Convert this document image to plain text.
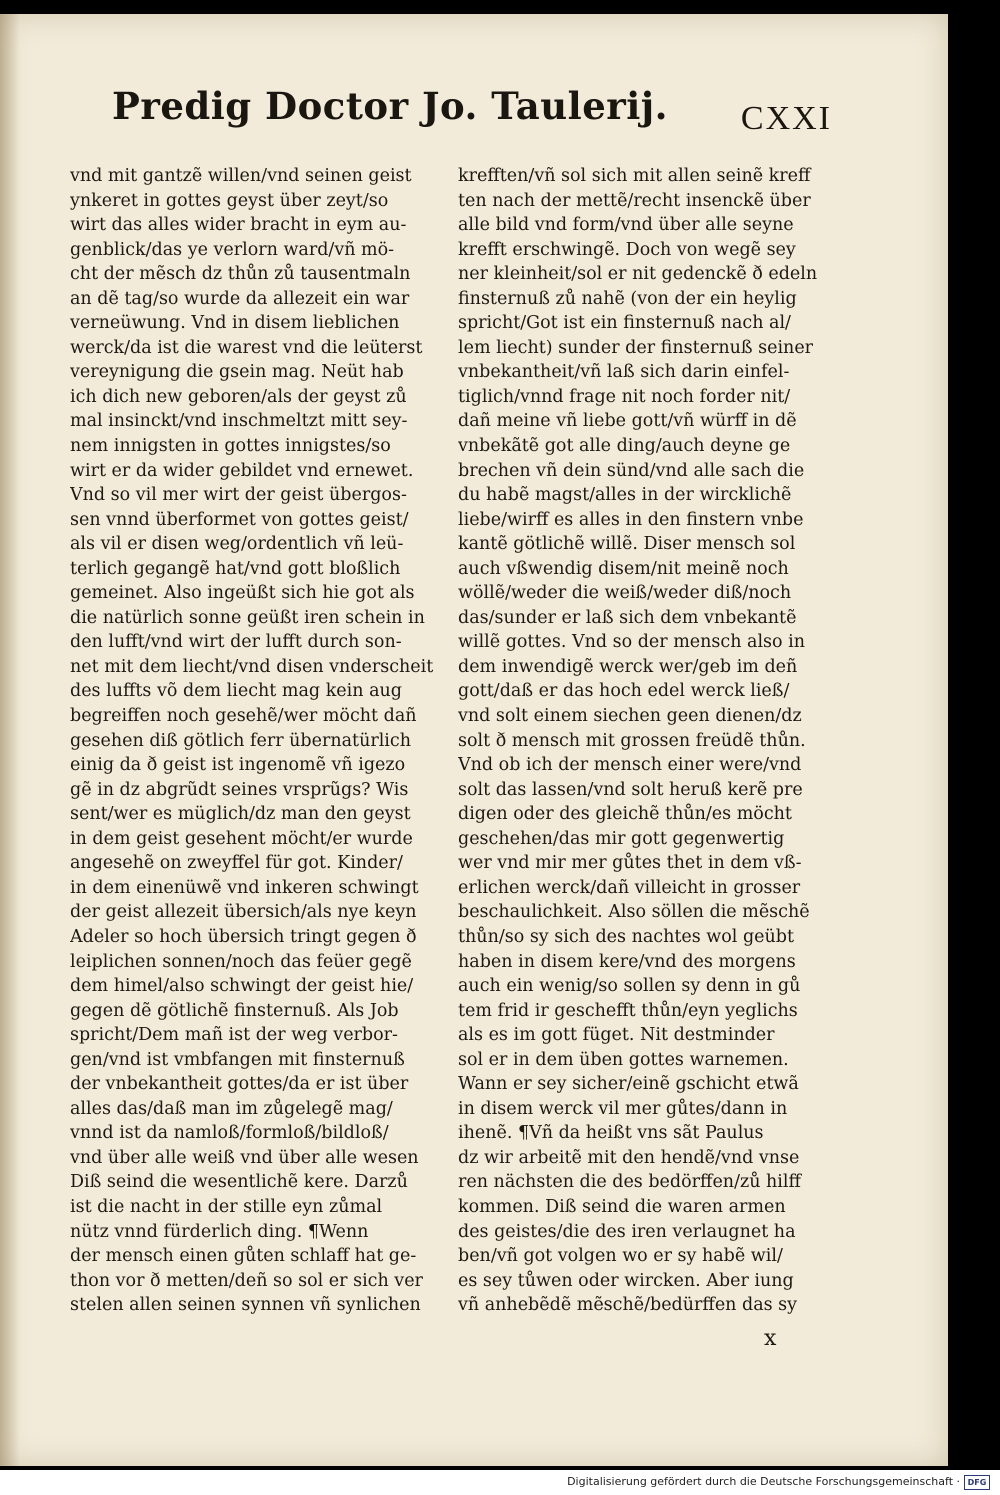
Predig Doctor Jo. Taulerij. CXXI
vnd mit gantzẽ willen/vnd seinen geist
ynkeret in gottes geyst über zeyt/so
wirt das alles wider bracht in eym au-
genblick/das ye verlorn ward/vñ mö-
cht der mẽsch dz thůn zů tausentmaln
an dẽ tag/so wurde da allezeit ein war
verneüwung. Vnd in disem lieblichen
werck/da ist die warest vnd die leüterst
vereynigung die gsein mag. Neüt hab
ich dich new geboren/als der geyst zů
mal insinckt/vnd inschmeltzt mitt sey-
nem innigsten in gottes innigstes/so
wirt er da wider gebildet vnd ernewet.
Vnd so vil mer wirt der geist übergos-
sen vnnd überformet von gottes geist/
als vil er disen weg/ordentlich vñ leü-
terlich gegangẽ hat/vnd gott bloßlich
gemeinet. Also ingeüßt sich hie got als
die natürlich sonne geüßt iren schein in
den lufft/vnd wirt der lufft durch son-
net mit dem liecht/vnd disen vnderscheit
des luffts võ dem liecht mag kein aug
begreiffen noch gesehẽ/wer möcht dañ
gesehen diß götlich ferr übernatürlich
einig da ð geist ist ingenomẽ vñ igezo
gẽ in dz abgrũdt seines vrsprũgs? Wis
sent/wer es müglich/dz man den geyst
in dem geist gesehent möcht/er wurde
angesehẽ on zweyffel für got. Kinder/
in dem einenüwẽ vnd inkeren schwingt
der geist allezeit übersich/als nye keyn
Adeler so hoch übersich tringt gegen ð
leiplichen sonnen/noch das feüer gegẽ
dem himel/also schwingt der geist hie/
gegen dẽ götlichẽ finsternuß. Als Job
spricht/Dem mañ ist der weg verbor-
gen/vnd ist vmbfangen mit finsternuß
der vnbekantheit gottes/da er ist über
alles das/daß man im zůgelegẽ mag/
vnnd ist da namloß/formloß/bildloß/
vnd über alle weiß vnd über alle wesen
Diß seind die wesentlichẽ kere. Darzů
ist die nacht in der stille eyn zůmal
nütz vnnd fürderlich ding. ¶Wenn
der mensch einen gůten schlaff hat ge-
thon vor ð metten/deñ so sol er sich ver
stelen allen seinen synnen vñ synlichen
krefften/vñ sol sich mit allen seinẽ kreff
ten nach der mettẽ/recht insenckẽ über
alle bild vnd form/vnd über alle seyne
krefft erschwingẽ. Doch von wegẽ sey
ner kleinheit/sol er nit gedenckẽ ð edeln
finsternuß zů nahẽ (von der ein heylig
spricht/Got ist ein finsternuß nach al/
lem liecht) sunder der finsternuß seiner
vnbekantheit/vñ laß sich darin einfel-
tiglich/vnnd frage nit noch forder nit/
dañ meine vñ liebe gott/vñ würff in dẽ
vnbekãtẽ got alle ding/auch deyne ge
brechen vñ dein sünd/vnd alle sach die
du habẽ magst/alles in der wircklichẽ
liebe/wirff es alles in den finstern vnbe
kantẽ götlichẽ willẽ. Diser mensch sol
auch vßwendig disem/nit meinẽ noch
wöllẽ/weder die weiß/weder diß/noch
das/sunder er laß sich dem vnbekantẽ
willẽ gottes. Vnd so der mensch also in
dem inwendigẽ werck wer/geb im deñ
gott/daß er das hoch edel werck ließ/
vnd solt einem siechen geen dienen/dz
solt ð mensch mit grossen freüdẽ thůn.
Vnd ob ich der mensch einer were/vnd
solt das lassen/vnd solt heruß kerẽ pre
digen oder des gleichẽ thůn/es möcht
geschehen/das mir gott gegenwertig
wer vnd mir mer gůtes thet in dem vß-
erlichen werck/dañ villeicht in grosser
beschaulichkeit. Also söllen die mẽschẽ
thůn/so sy sich des nachtes wol geübt
haben in disem kere/vnd des morgens
auch ein wenig/so sollen sy denn in gů
tem frid ir geschefft thůn/eyn yeglichs
als es im gott füget. Nit destminder
sol er in dem üben gottes warnemen.
Wann er sey sicher/einẽ gschicht etwã
in disem werck vil mer gůtes/dann in
ihenẽ. ¶Vñ da heißt vns sãt Paulus
dz wir arbeitẽ mit den hendẽ/vnd vnse
ren nächsten die des bedörffen/zů hilff
kommen. Diß seind die waren armen
des geistes/die des iren verlaugnet ha
ben/vñ got volgen wo er sy habẽ wil/
es sey tůwen oder wircken. Aber iung
vñ anhebẽdẽ mẽschẽ/bedürffen das sy
x
Digitalisierung gefördert durch die Deutsche Forschungsgemeinschaft · DFG
